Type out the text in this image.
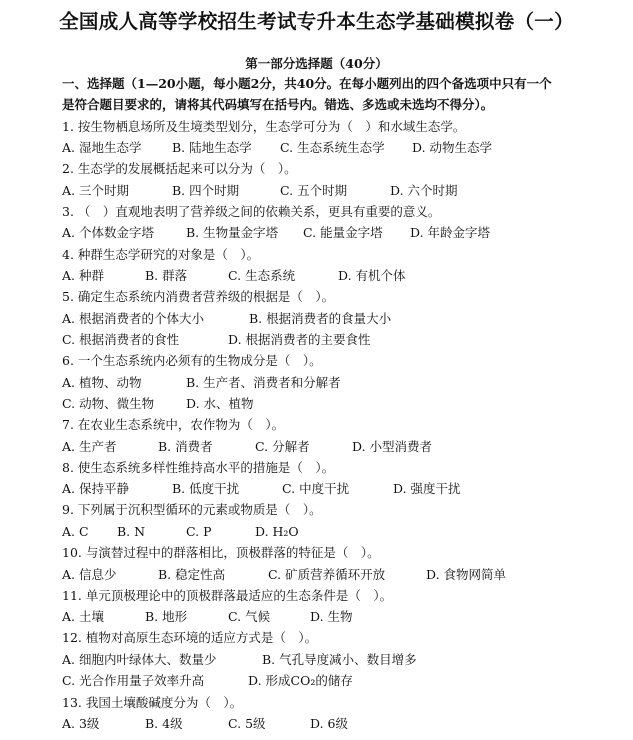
全国成人高等学校招生考试专升本生态学基础模拟卷（一）
第一部分选择题（40分）
一、选择题（1—20小题，每小题2分，共40分。在每小题列出的四个备选项中只有一个
是符合题目要求的，请将其代码填写在括号内。错选、多选或未选均不得分）。
1. 按生物栖息场所及生境类型划分，生态学可分为（　）和水域生态学。
A. 湿地生态学 B. 陆地生态学 C. 生态系统生态学 D. 动物生态学
2. 生态学的发展概括起来可以分为（　）。
A. 三个时期	B. 四个时期	C. 五个时期	D. 六个时期
3. （　）直观地表明了营养级之间的依赖关系，更具有重要的意义。
A. 个体数金字塔	B. 生物量金字塔 C. 能量金字塔 D. 年龄金字塔
4. 种群生态学研究的对象是（　）。
A. 种群	B. 群落	C. 生态系统	D. 有机个体
5. 确定生态系统内消费者营养级的根据是（　）。
A. 根据消费者的个体大小	B. 根据消费者的食量大小
C. 根据消费者的食性	D. 根据消费者的主要食性
6. 一个生态系统内必须有的生物成分是（　）。
A. 植物、动物	B. 生产者、消费者和分解者
C. 动物、微生物	D. 水、植物
7. 在农业生态系统中，农作物为（　）。
A. 生产者	B. 消费者	C. 分解者	D. 小型消费者
8. 使生态系统多样性维持高水平的措施是（　）。
A. 保持平静	B. 低度干扰	C. 中度干扰	D. 强度干扰
9. 下列属于沉积型循环的元素或物质是（　）。
A. C B. N	C. P	D. H₂O
10. 与演替过程中的群落相比，顶极群落的特征是（　）。
A. 信息少	B. 稳定性高	C. 矿质营养循环开放	D. 食物网简单
11. 单元顶极理论中的顶极群落最适应的生态条件是（　）。
A. 土壤	B. 地形	C. 气候	D. 生物
12. 植物对高原生态环境的适应方式是（　）。
A. 细胞内叶绿体大、数量少	B. 气孔导度减小、数目增多
C. 光合作用量子效率升高	D. 形成CO₂的储存
13. 我国土壤酸碱度分为（　）。
A. 3级	B. 4级	C. 5级	D. 6级
